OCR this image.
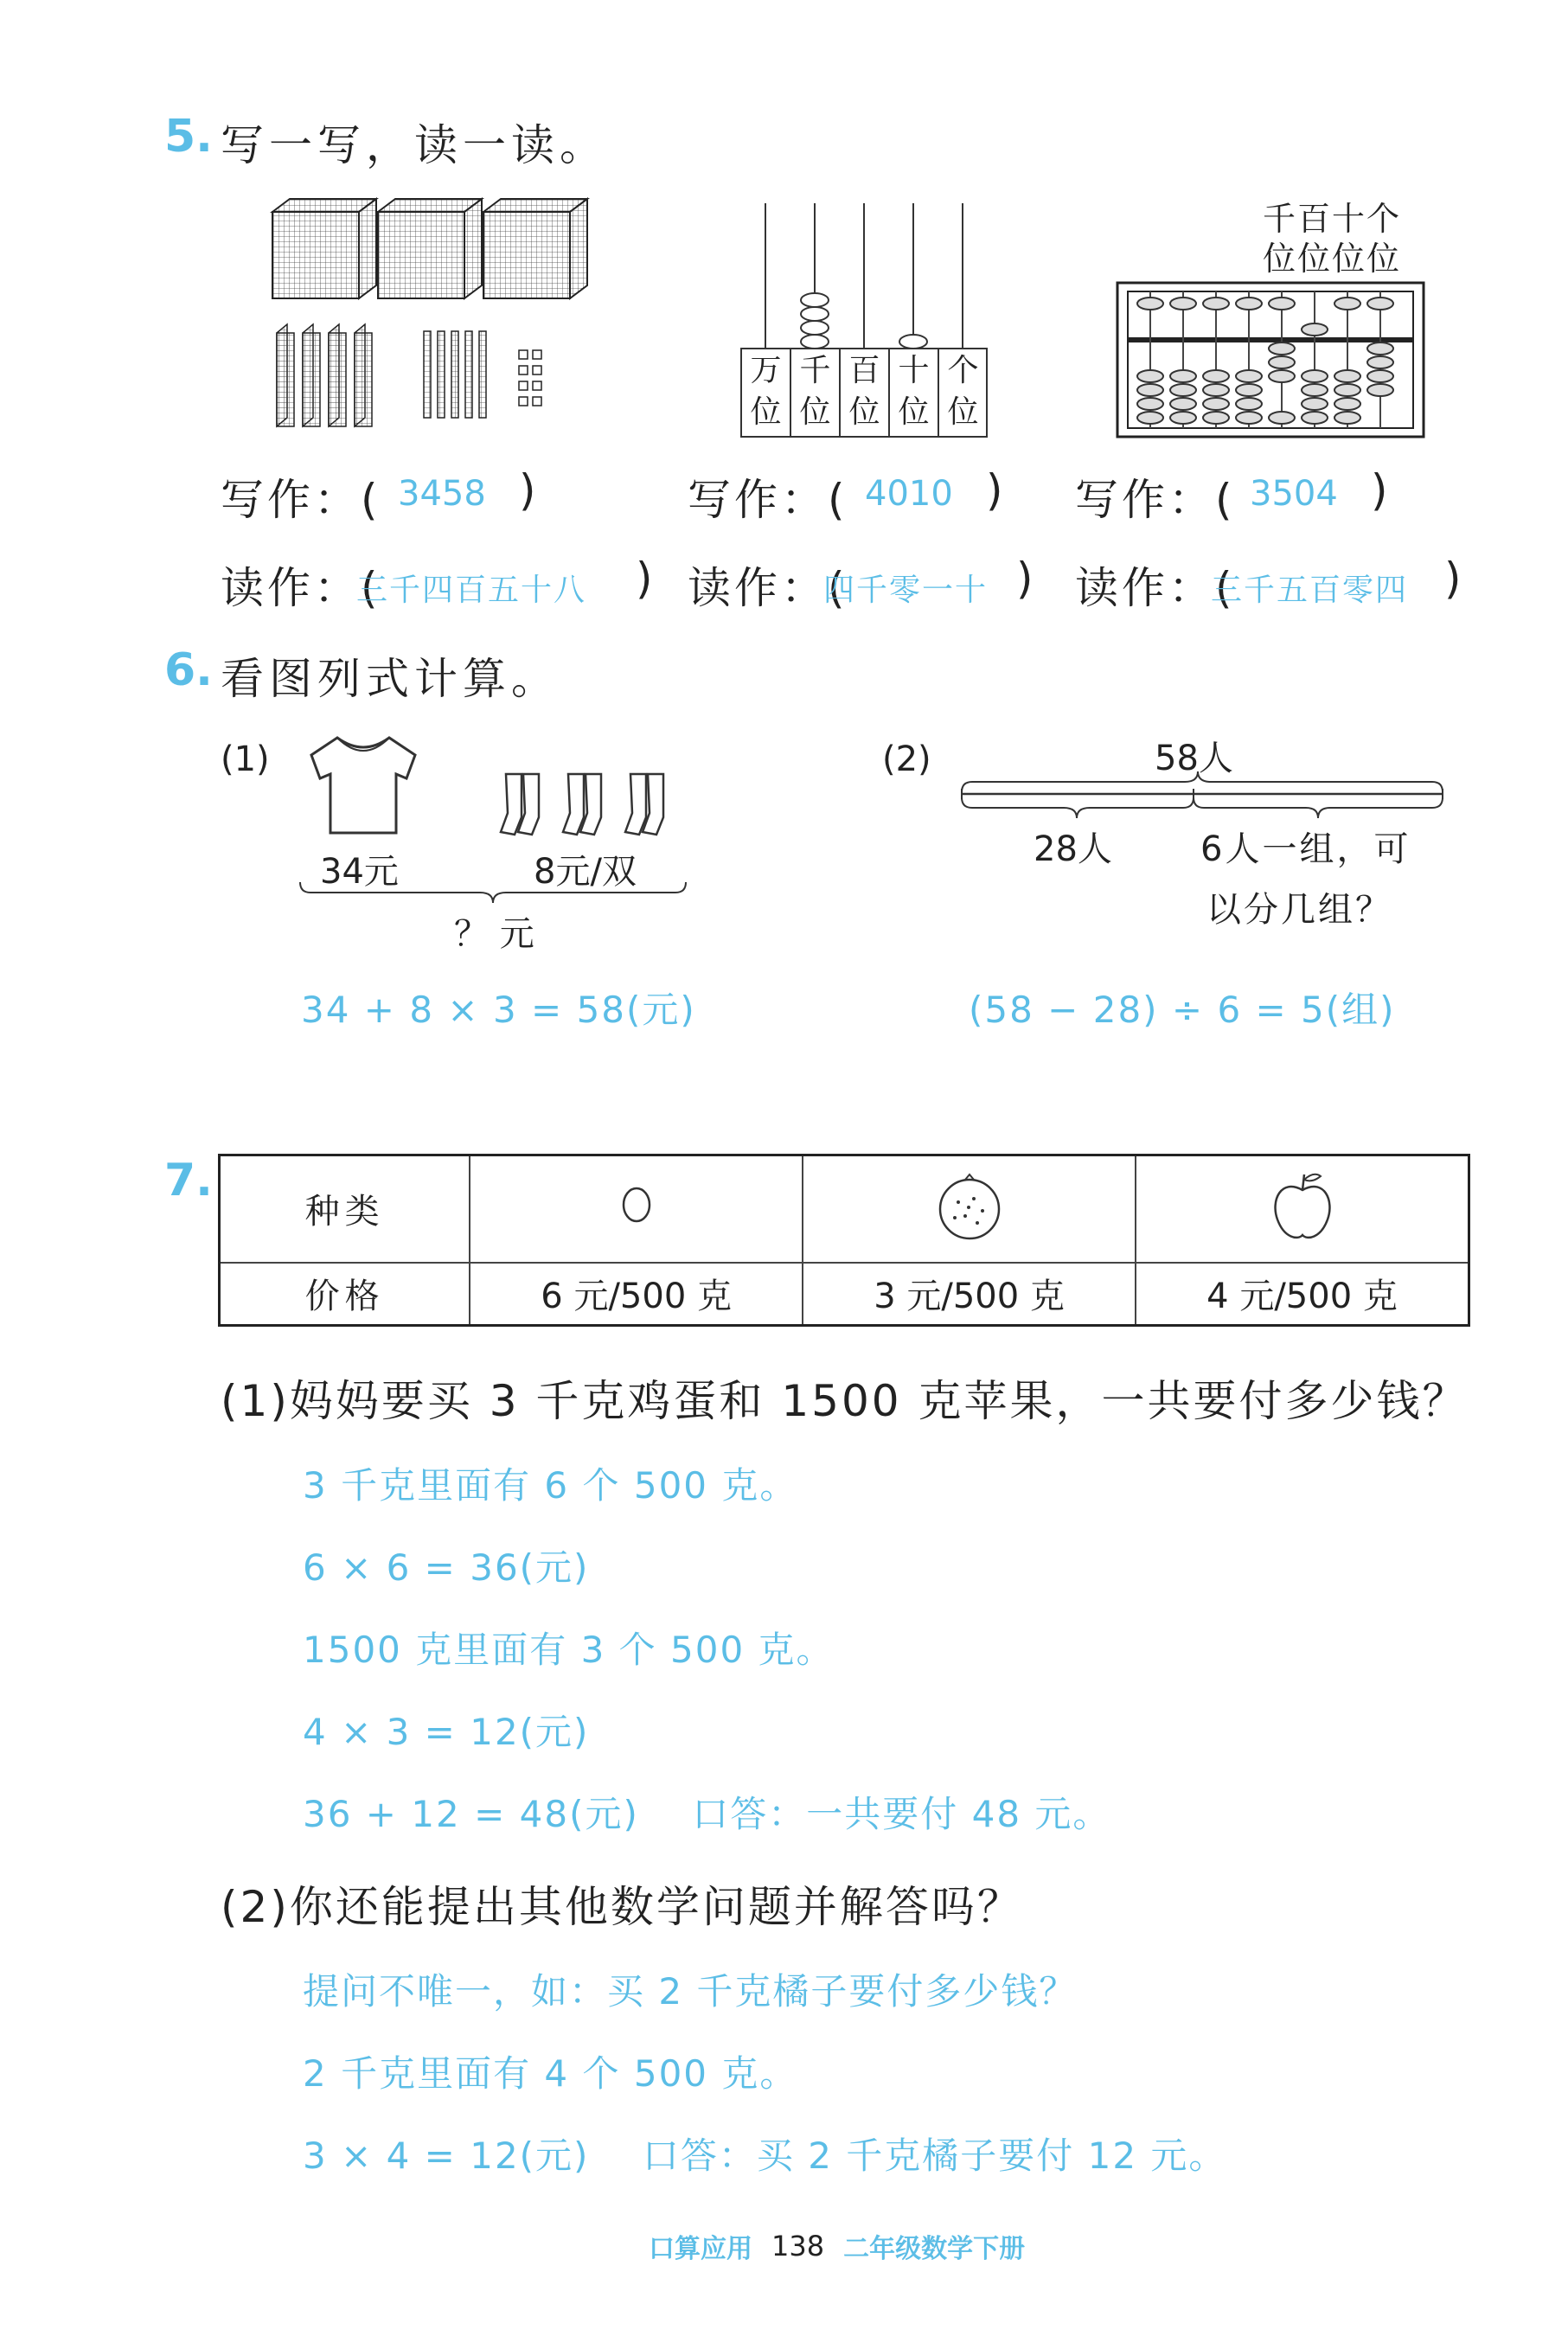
5. 写一写，读一读。
万
位
千
位
百
位
十
位
个
位
千百十个
位位位位
写作：( 3458 )	写作：( 4010 ) 写作：( 3504 )
读作：(
三千四百五十八 ) 读作：(
四千零一十 ) 读作：(
三千五百零四 )
6. 看图列式计算。
(1)
34元	8元/双
？ 元
34 + 8 × 3 = 58(元)
(2)	58人
28人	6人一组，可
以分几组？
(58 − 28) ÷ 6 = 5(组)
7.
种类			
价格	6 元/500 克	3 元/500 克	4 元/500 克
(1)妈妈要买 3 千克鸡蛋和 1500 克苹果，一共要付多少钱？
3 千克里面有 6 个 500 克。
6 × 6 = 36(元)
1500 克里面有 3 个 500 克。
4 × 3 = 12(元)
36 + 12 = 48(元)    口答：一共要付 48 元。
(2)你还能提出其他数学问题并解答吗？
提问不唯一，如：买 2 千克橘子要付多少钱？
2 千克里面有 4 个 500 克。
3 × 4 = 12(元)    口答：买 2 千克橘子要付 12 元。
口算应用 138 二年级数学下册
